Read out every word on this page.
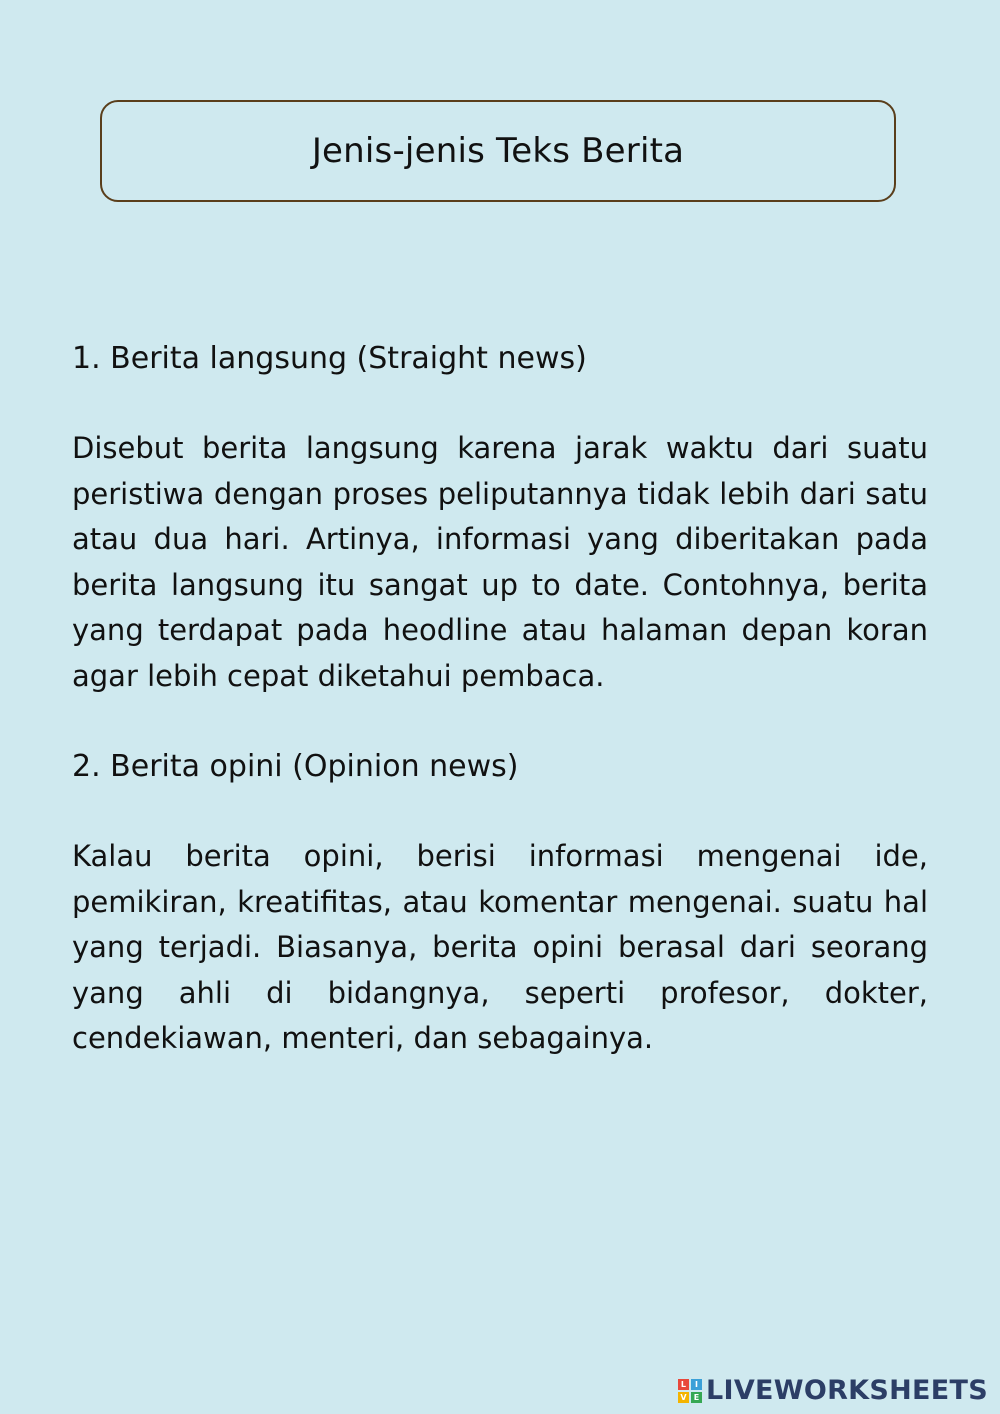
Jenis-jenis Teks Berita

1. Berita langsung (Straight news)

Disebut berita langsung karena jarak waktu dari suatu peristiwa dengan proses peliputannya tidak lebih dari satu atau dua hari. Artinya, informasi yang diberitakan pada berita langsung itu sangat up to date. Contohnya, berita yang terdapat pada heodline atau halaman depan koran agar lebih cepat diketahui pembaca.

2. Berita opini (Opinion news)

Kalau berita opini, berisi informasi mengenai ide, pemikiran, kreatifitas, atau komentar mengenai. suatu hal yang terjadi. Biasanya, berita opini berasal dari seorang yang ahli di bidangnya, seperti profesor, dokter, cendekiawan, menteri, dan sebagainya.

L	I
V E LIVEWORKSHEETS
